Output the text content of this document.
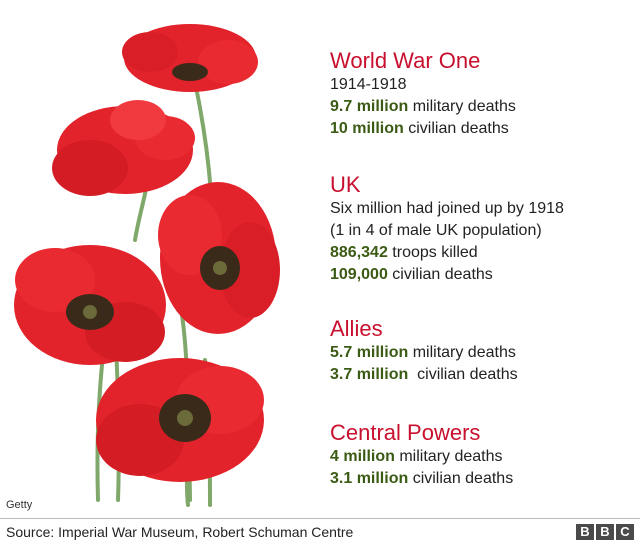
World War One
1914-1918
9.7 million military deaths
10 million civilian deaths
UK
Six million had joined up by 1918
(1 in 4 of male UK population)
886,342 troops killed
109,000 civilian deaths
Allies
5.7 million military deaths
3.7 million  civilian deaths
Central Powers
4 million military deaths
3.1 million civilian deaths
Getty
Source: Imperial War Museum, Robert Schuman Centre	B B C
